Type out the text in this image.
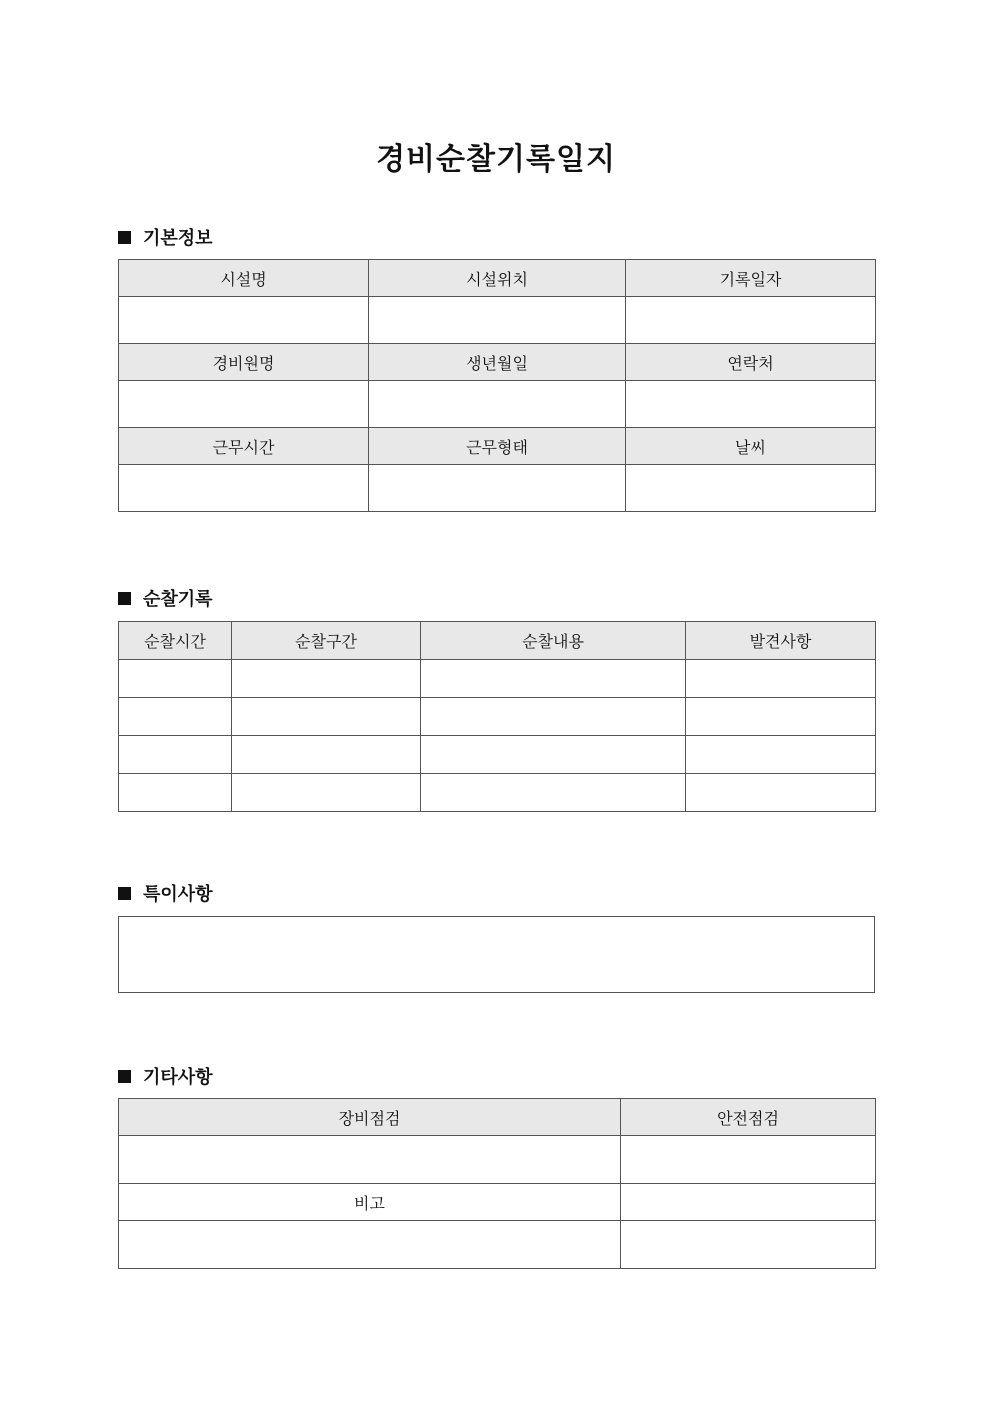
경비순찰기록일지
기본정보
시설명	시설위치	기록일자

경비원명	생년월일	연락처

근무시간	근무형태	날씨

순찰기록
순찰시간	순찰구간	순찰내용	발견사항

특이사항
기타사항
장비점검	안전점검

비고	
